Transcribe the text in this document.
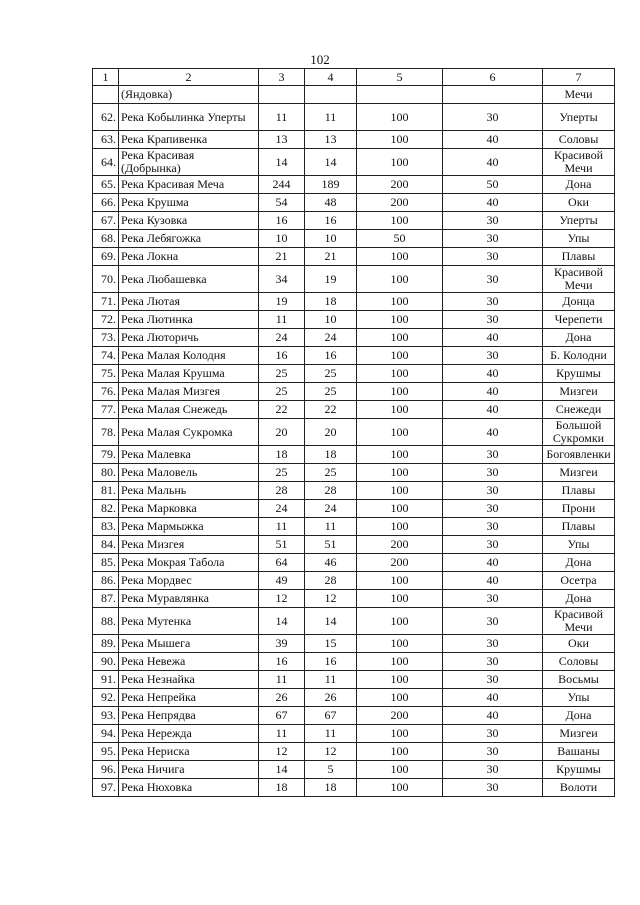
102
1	2	3	4	5	6	7
	(Яндовка)					Мечи
62.	Река Кобылинка Уперты	11	11	100	30	Уперты
63.	Река Крапивенка	13	13	100	40	Соловы
64.	Река Красивая (Добрынка)	14	14	100	40	Красивой Мечи
65.	Река Красивая Меча	244	189	200	50	Дона
66.	Река Крушма	54	48	200	40	Оки
67.	Река Кузовка	16	16	100	30	Уперты
68.	Река Лебягожка	10	10	50	30	Упы
69.	Река Локна	21	21	100	30	Плавы
70.	Река Любашевка	34	19	100	30	Красивой Мечи
71.	Река Лютая	19	18	100	30	Донца
72.	Река Лютинка	11	10	100	30	Черепети
73.	Река Люторичь	24	24	100	40	Дона
74.	Река Малая Колодня	16	16	100	30	Б. Колодни
75.	Река Малая Крушма	25	25	100	40	Крушмы
76.	Река Малая Мизгея	25	25	100	40	Мизгеи
77.	Река Малая Снежедь	22	22	100	40	Снежеди
78.	Река Малая Сукромка	20	20	100	40	Большой Сукромки
79.	Река Малевка	18	18	100	30	Богоявленки
80.	Река Маловель	25	25	100	30	Мизгеи
81.	Река Мальнь	28	28	100	30	Плавы
82.	Река Марковка	24	24	100	30	Прони
83.	Река Мармыжка	11	11	100	30	Плавы
84.	Река Мизгея	51	51	200	30	Упы
85.	Река Мокрая Табола	64	46	200	40	Дона
86.	Река Мордвес	49	28	100	40	Осетра
87.	Река Муравлянка	12	12	100	30	Дона
88.	Река Мутенка	14	14	100	30	Красивой Мечи
89.	Река Мышега	39	15	100	30	Оки
90.	Река Невежа	16	16	100	30	Соловы
91.	Река Незнайка	11	11	100	30	Восьмы
92.	Река Непрейка	26	26	100	40	Упы
93.	Река Непрядва	67	67	200	40	Дона
94.	Река Нережда	11	11	100	30	Мизгеи
95.	Река Нериска	12	12	100	30	Вашаны
96.	Река Ничига	14	5	100	30	Крушмы
97.	Река Нюховка	18	18	100	30	Волоти
